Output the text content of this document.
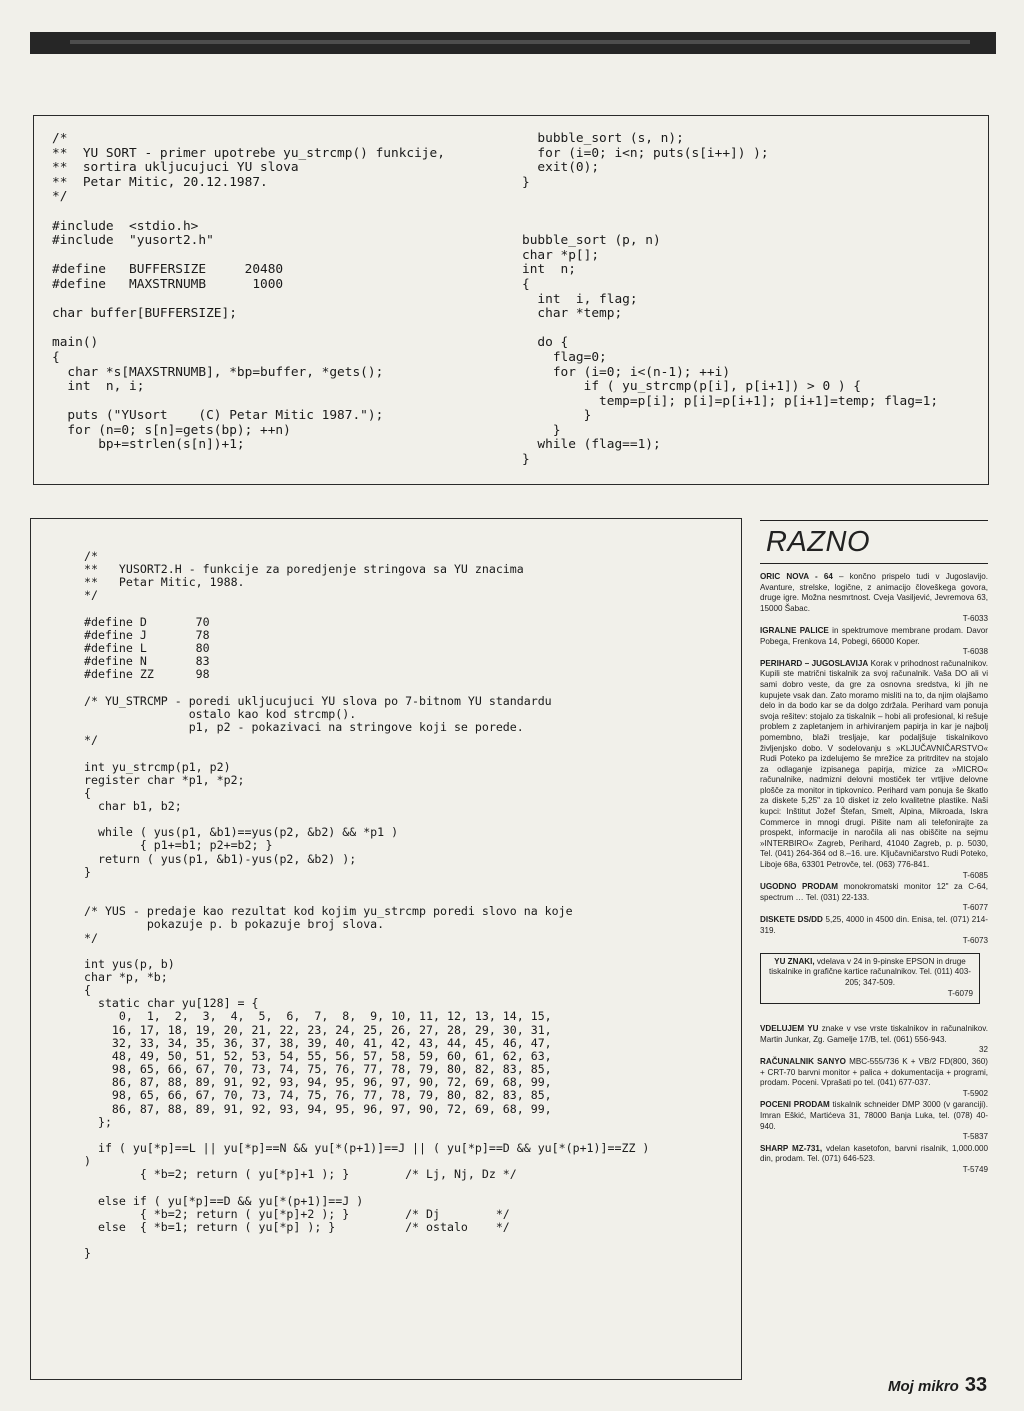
/*
**  YU SORT - primer upotrebe yu_strcmp() funkcije,
**  sortira ukljucujuci YU slova
**  Petar Mitic, 20.12.1987.
*/

#include  <stdio.h>
#include  "yusort2.h"

#define   BUFFERSIZE     20480
#define   MAXSTRNUMB      1000

char buffer[BUFFERSIZE];

main()
{
char *s[MAXSTRNUMB], *bp=buffer, *gets();
int  n, i;

puts ("YUsort    (C) Petar Mitic 1987.");
for (n=0; s[n]=gets(bp); ++n)
bp+=strlen(s[n])+1;
bubble_sort (s, n);
for (i=0; i<n; puts(s[i++]) );
exit(0);
}

bubble_sort (p, n)
char *p[];
int  n;
{
int  i, flag;
char *temp;

do {
flag=0;
for (i=0; i<(n-1); ++i)
if ( yu_strcmp(p[i], p[i+1]) > 0 ) {
temp=p[i]; p[i]=p[i+1]; p[i+1]=temp; flag=1;
}
}
while (flag==1);
}
/*
**   YUSORT2.H - funkcije za poredjenje stringova sa YU znacima
**   Petar Mitic, 1988.
*/

#define D       70
#define J       78
#define L       80
#define N       83
#define ZZ      98

/* YU_STRCMP - poredi ukljucujuci YU slova po 7-bitnom YU standardu
ostalo kao kod strcmp().
p1, p2 - pokazivaci na stringove koji se porede.
*/

int yu_strcmp(p1, p2)
register char *p1, *p2;
{
char b1, b2;

while ( yus(p1, &b1)==yus(p2, &b2) && *p1 )
{ p1+=b1; p2+=b2; }
return ( yus(p1, &b1)-yus(p2, &b2) );
}

/* YUS - predaje kao rezultat kod kojim yu_strcmp poredi slovo na koje
pokazuje p. b pokazuje broj slova.
*/

int yus(p, b)
char *p, *b;
{
static char yu[128] = {
0,  1,  2,  3,  4,  5,  6,  7,  8,  9, 10, 11, 12, 13, 14, 15,
16, 17, 18, 19, 20, 21, 22, 23, 24, 25, 26, 27, 28, 29, 30, 31,
32, 33, 34, 35, 36, 37, 38, 39, 40, 41, 42, 43, 44, 45, 46, 47,
48, 49, 50, 51, 52, 53, 54, 55, 56, 57, 58, 59, 60, 61, 62, 63,
98, 65, 66, 67, 70, 73, 74, 75, 76, 77, 78, 79, 80, 82, 83, 85,
86, 87, 88, 89, 91, 92, 93, 94, 95, 96, 97, 90, 72, 69, 68, 99,
98, 65, 66, 67, 70, 73, 74, 75, 76, 77, 78, 79, 80, 82, 83, 85,
86, 87, 88, 89, 91, 92, 93, 94, 95, 96, 97, 90, 72, 69, 68, 99,
};

if ( yu[*p]==L || yu[*p]==N && yu[*(p+1)]==J || ( yu[*p]==D && yu[*(p+1)]==ZZ )
)
{ *b=2; return ( yu[*p]+1 ); }        /* Lj, Nj, Dz */

else if ( yu[*p]==D && yu[*(p+1)]==J )
{ *b=2; return ( yu[*p]+2 ); }        /* Dj        */
else  { *b=1; return ( yu[*p] ); }          /* ostalo    */

}
RAZNO
ORIC NOVA - 64 – končno prispelo tudi v Jugoslavijo. Avanture, strelske, logične, z animacijo človeškega govora, druge igre. Možna nesmrtnost. Cveja Vasiljević, Jevremova 63, 15000 Šabac.
T-6033
IGRALNE PALICE in spektrumove membrane prodam. Davor Pobega, Frenkova 14, Pobegi, 66000 Koper.
T-6038
PERIHARD – JUGOSLAVIJA Korak v prihodnost računalnikov. Kupili ste matrični tiskalnik za svoj računalnik. Vaša DO ali vi sami dobro veste, da gre za osnovna sredstva, ki jih ne kupujete vsak dan. Zato moramo misliti na to, da njim olajšamo delo in da bodo kar se da dolgo zdržala. Perihard vam ponuja svoja rešitev: stojalo za tiskalnik – hobi ali profesional, ki rešuje problem z zapletanjem in arhiviranjem papirja in kar je najbolj pomembno, blaži tresljaje, kar podaljšuje tiskalnikovo življenjsko dobo. V sodelovanju s »KLJUČAVNIČARSTVO« Rudi Poteko pa izdelujemo še mrežice za pritrditev na stojalo za odlaganje izpisanega papirja, mizice za »MICRO« računalnike, nadmizni delovni mostiček ter vrtljive delovne plošče za monitor in tipkovnico. Perihard vam ponuja še škatlo za diskete 5,25" za 10 disket iz zelo kvalitetne plastike. Naši kupci: Inštitut Jožef Štefan, Smelt, Alpina, Mikroada, Iskra Commerce in mnogi drugi. Pišite nam ali telefonirajte za prospekt, informacije in naročila ali nas obiščite na sejmu »INTERBIRO« Zagreb, Perihard, 41040 Zagreb, p. p. 5030, Tel. (041) 264-364 od 8.–16. ure. Ključavničarstvo Rudi Poteko, Liboje 68a, 63301 Petrovče, tel. (063) 776-841.
T-6085
UGODNO PRODAM monokromatski monitor 12" za C-64, spectrum … Tel. (031) 22-133.
T-6077
DISKETE DS/DD 5,25, 4000 in 4500 din. Enisa, tel. (071) 214-319.
T-6073
YU ZNAKI, vdelava v 24 in 9-pinske EPSON in druge tiskalnike in grafične kartice računalnikov. Tel. (011) 403-205; 347-509.
T-6079
VDELUJEM YU znake v vse vrste tiskalnikov in računalnikov. Martin Junkar, Zg. Gamelje 17/B, tel. (061) 556-943.
32
RAČUNALNIK SANYO MBC-555/736 K + VB/2 FD(800, 360) + CRT-70 barvni monitor + palica + dokumentacija + programi, prodam. Poceni. Vprašati po tel. (041) 677-037.
T-5902
POCENI PRODAM tiskalnik schneider DMP 3000 (v garanciji). Imran Eškić, Martićeva 31, 78000 Banja Luka, tel. (078) 40-940.
T-5837
SHARP MZ-731, vdelan kasetofon, barvni risalnik, 1,000.000 din, prodam. Tel. (071) 646-523.
T-5749
Moj mikro 33
